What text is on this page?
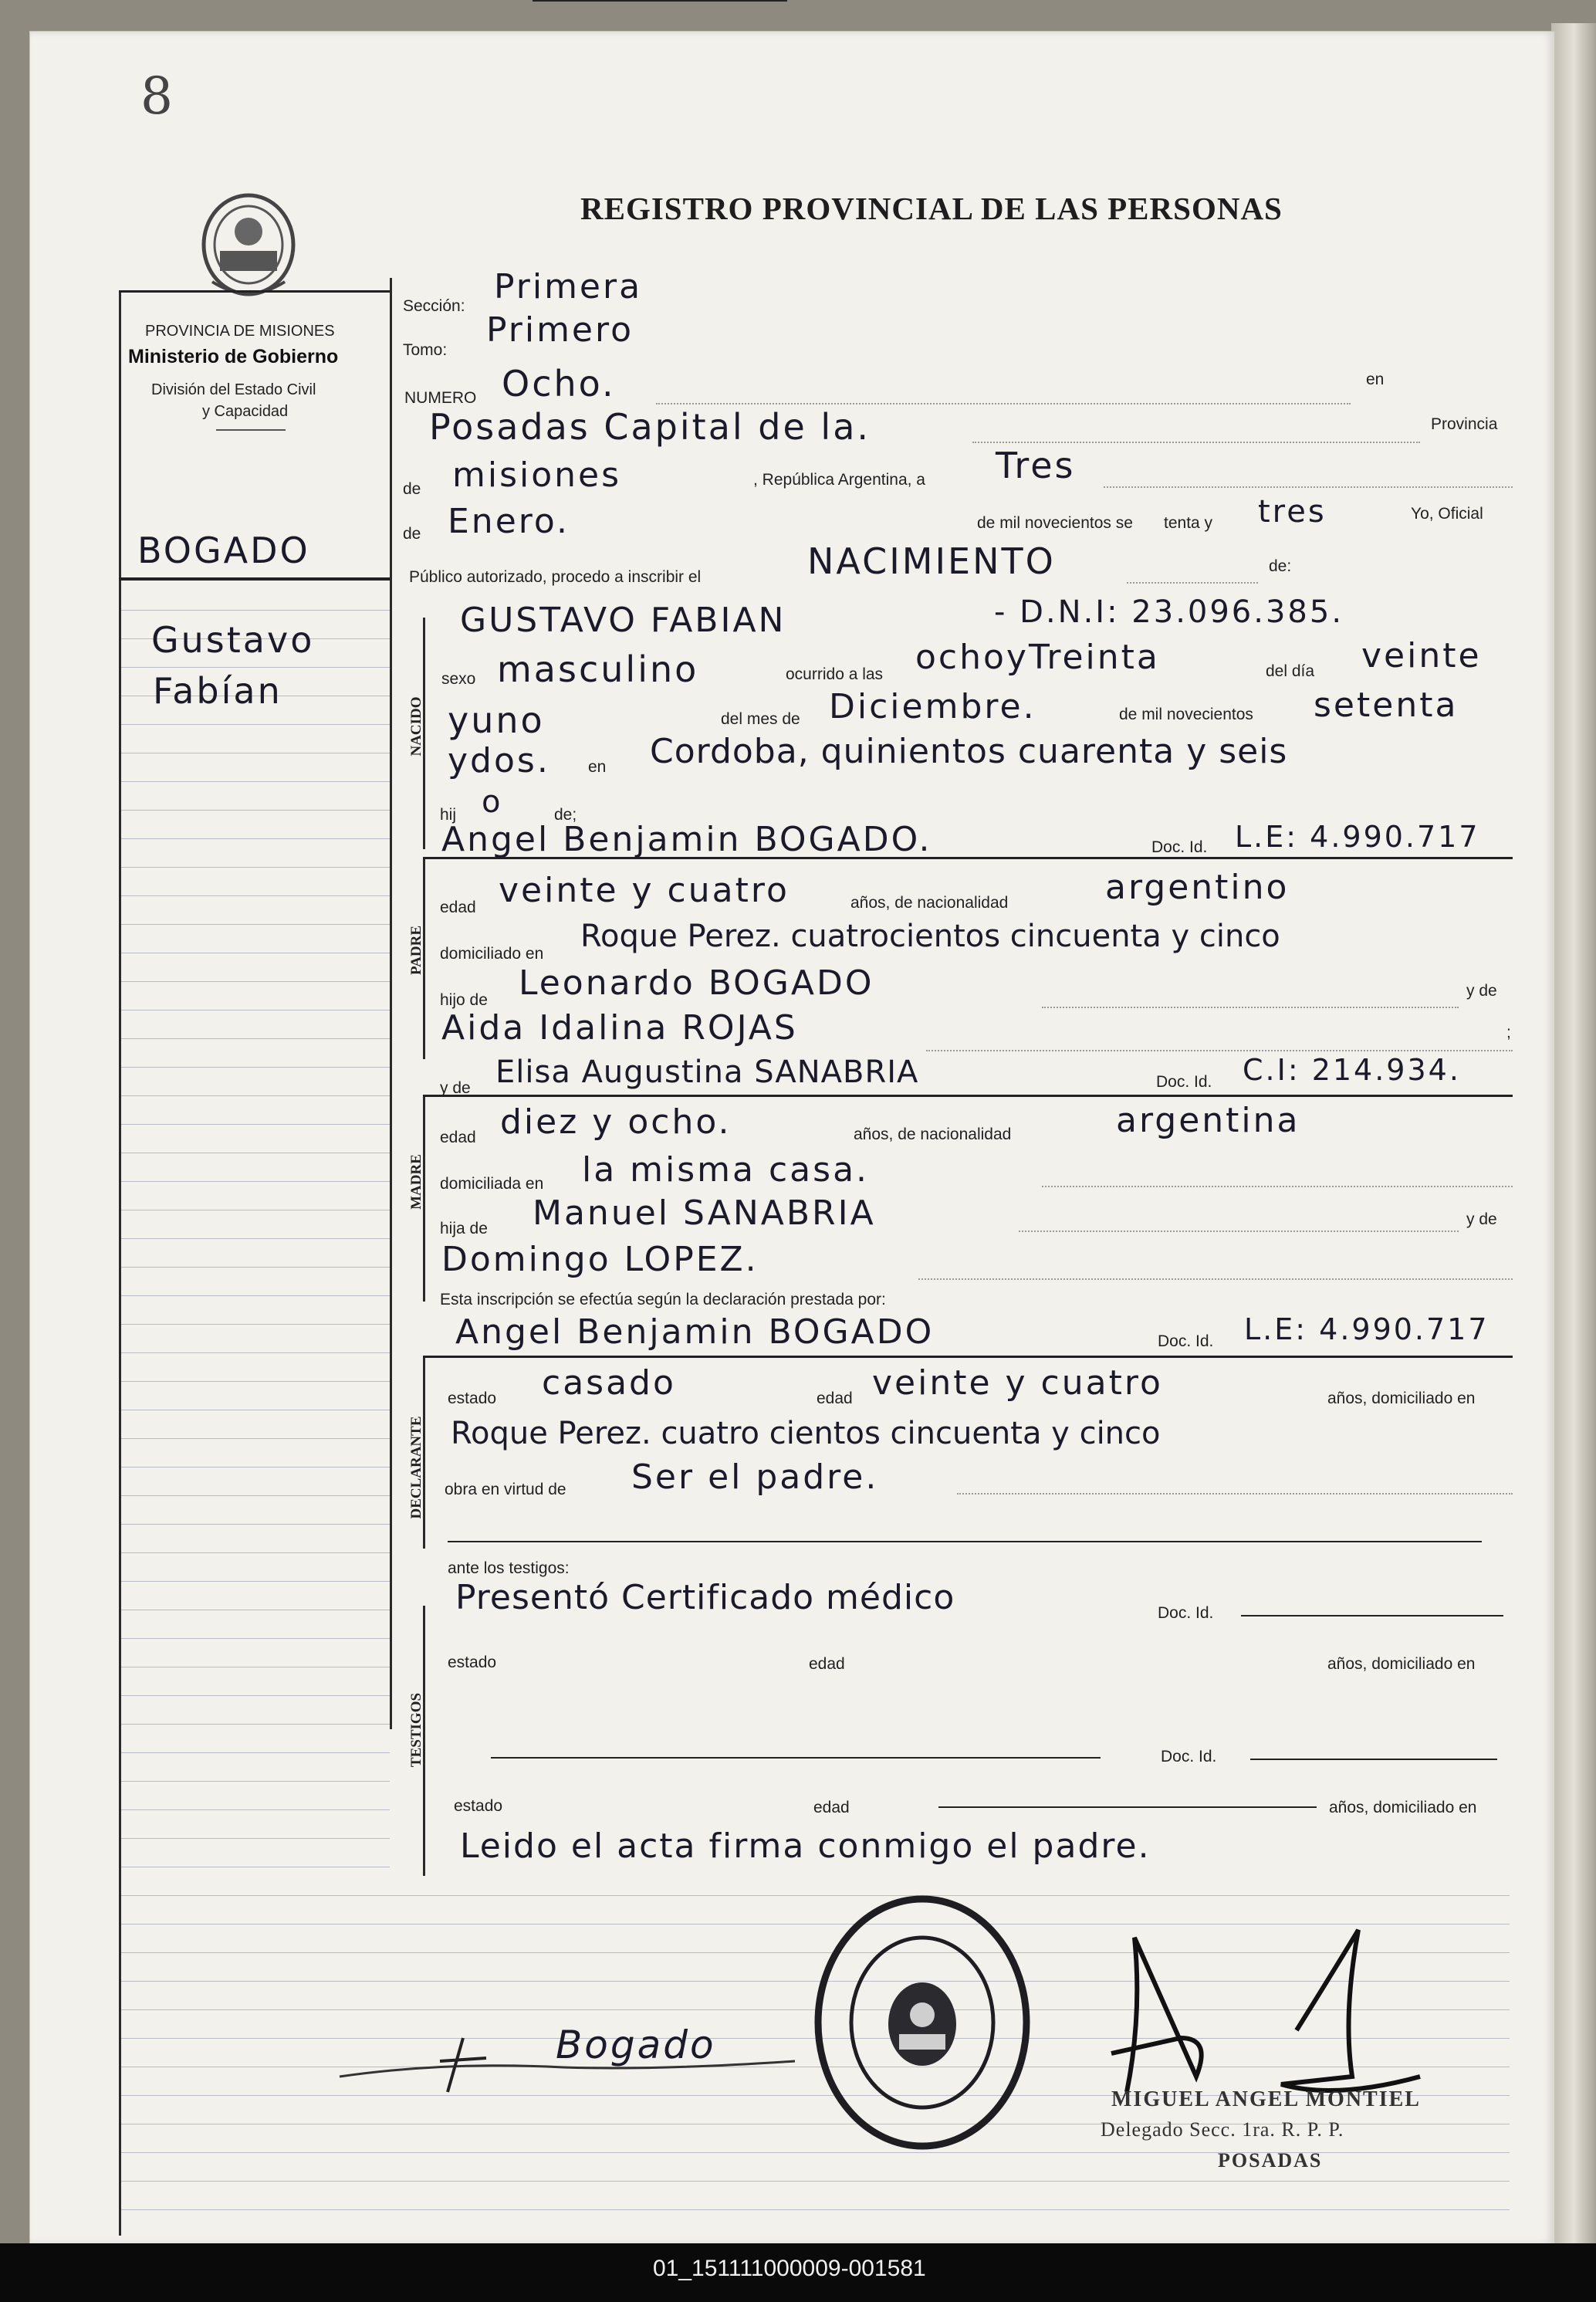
8
REGISTRO PROVINCIAL DE LAS PERSONAS
PROVINCIA DE MISIONES
Ministerio de Gobierno
División del Estado Civil
y Capacidad
BOGADO
Gustavo
Fabían
Sección: Primera
Tomo:
Primero
NUMERO Ocho.	en
Posadas Capital de la.	Provincia
de misiones	, República Argentina, a Tres
de Enero.	de mil novecientos se tenta y tres	Yo, Oficial
Público autorizado, procedo a inscribir el	NACIMIENTO	de:
NACIDO
GUSTAVO FABIAN	- D.N.I: 23.096.385.
sexo masculino	ocurrido a las ochoyTreinta	del día veinte
yuno	del mes de Diciembre.	de mil novecientos setenta
ydos. en Cordoba, quinientos cuarenta y seis
hij o	de;
PADRE
Angel Benjamin BOGADO.	Doc. Id. L.E: 4.990.717
edad veinte y cuatro	años, de nacionalidad	argentino
domiciliado en Roque Perez. cuatrocientos cincuenta y cinco
hijo de Leonardo BOGADO	y de
Aida Idalina ROJAS	;
MADRE
y de Elisa Augustina SANABRIA	Doc. Id. C.I: 214.934.
edad diez y ocho.	años, de nacionalidad	argentina
domiciliada en la misma casa.
hija de Manuel SANABRIA	y de
Domingo LOPEZ.
Esta inscripción se efectúa según la declaración prestada por:
DECLARANTE
Angel Benjamin BOGADO	Doc. Id. L.E: 4.990.717
estado casado	edad veinte y cuatro	años, domiciliado en
Roque Perez. cuatro cientos cincuenta y cinco
obra en virtud de Ser el padre.
ante los testigos:
TESTIGOS
Presentó Certificado médico	Doc. Id.
estado	edad	años, domiciliado en
Doc. Id.
estado	edad	años, domiciliado en
Leido el acta firma conmigo el padre.
Bogado
MIGUEL ANGEL MONTIEL
Delegado Secc. 1ra. R. P. P.
POSADAS
01_151111000009-001581
